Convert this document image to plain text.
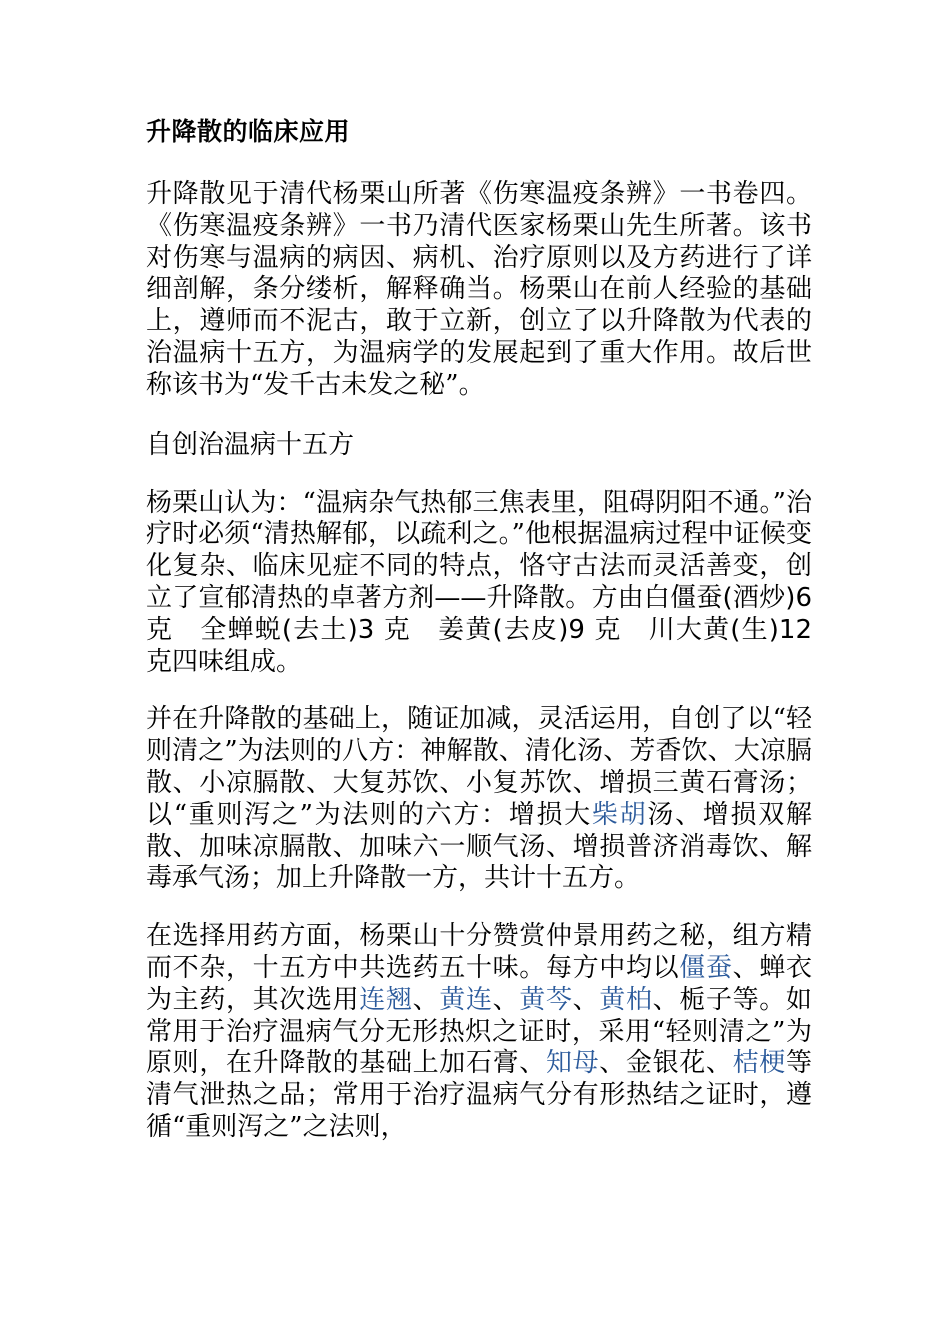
升降散的临床应用
升降散见于清代杨栗山所著《伤寒温疫条辨》一书卷四。《伤寒温疫条辨》一书乃清代医家杨栗山先生所著。该书对伤寒与温病的病因、病机、治疗原则以及方药进行了详细剖解，条分缕析，解释确当。杨栗山在前人经验的基础上，遵师而不泥古，敢于立新，创立了以升降散为代表的治温病十五方，为温病学的发展起到了重大作用。故后世称该书为“发千古未发之秘”。
自创治温病十五方
杨栗山认为：“温病杂气热郁三焦表里，阻碍阴阳不通。”治疗时必须“清热解郁，以疏利之。”他根据温病过程中证候变化复杂、临床见症不同的特点，恪守古法而灵活善变，创立了宣郁清热的卓著方剂——升降散。方由白僵蚕(酒炒)6 克　全蝉蜕(去土)3 克　姜黄(去皮)9 克　川大黄(生)12 克四味组成。
并在升降散的基础上，随证加减，灵活运用，自创了以“轻则清之”为法则的八方：神解散、清化汤、芳香饮、大凉膈散、小凉膈散、大复苏饮、小复苏饮、增损三黄石膏汤；以“重则泻之”为法则的六方：增损大柴胡汤、增损双解散、加味凉膈散、加味六一顺气汤、增损普济消毒饮、解毒承气汤；加上升降散一方，共计十五方。
在选择用药方面，杨栗山十分赞赏仲景用药之秘，组方精而不杂，十五方中共选药五十味。每方中均以僵蚕、蝉衣为主药，其次选用连翘、黄连、黄芩、黄柏、栀子等。如常用于治疗温病气分无形热炽之证时，采用“轻则清之”为原则，在升降散的基础上加石膏、知母、金银花、桔梗等清气泄热之品；常用于治疗温病气分有形热结之证时，遵循“重则泻之”之法则，
